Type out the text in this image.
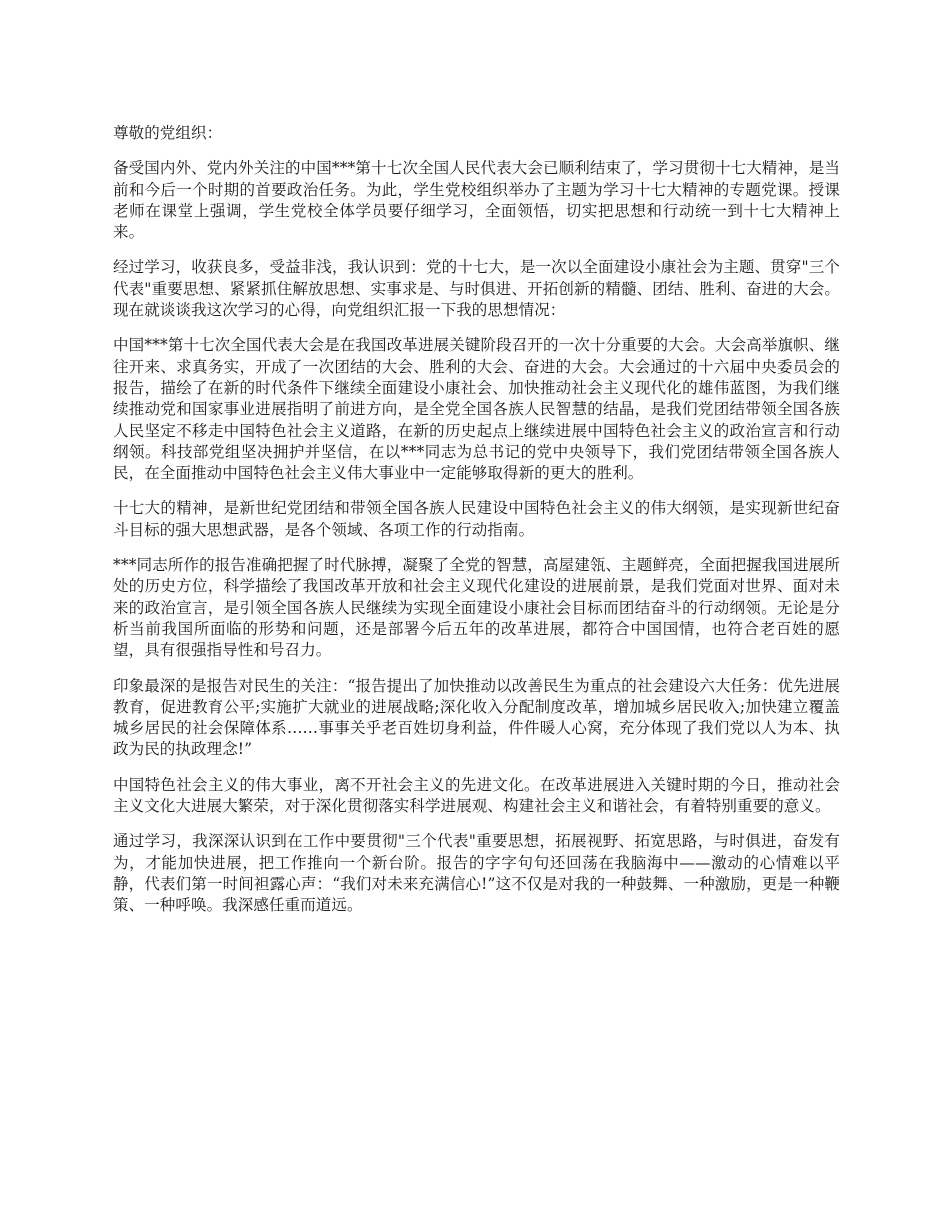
尊敬的党组织：

备受国内外、党内外关注的中国***第十七次全国人民代表大会已顺利结束了，学习贯彻十七大精神，是当前和今后一个时期的首要政治任务。为此，学生党校组织举办了主题为学习十七大精神的专题党课。授课老师在课堂上强调，学生党校全体学员要仔细学习，全面领悟，切实把思想和行动统一到十七大精神上来。

经过学习，收获良多，受益非浅，我认识到：党的十七大，是一次以全面建设小康社会为主题、贯穿"三个代表"重要思想、紧紧抓住解放思想、实事求是、与时俱进、开拓创新的精髓、团结、胜利、奋进的大会。现在就谈谈我这次学习的心得，向党组织汇报一下我的思想情况：

中国***第十七次全国代表大会是在我国改革进展关键阶段召开的一次十分重要的大会。大会高举旗帜、继往开来、求真务实，开成了一次团结的大会、胜利的大会、奋进的大会。大会通过的十六届中央委员会的报告，描绘了在新的时代条件下继续全面建设小康社会、加快推动社会主义现代化的雄伟蓝图，为我们继续推动党和国家事业进展指明了前进方向，是全党全国各族人民智慧的结晶，是我们党团结带领全国各族人民坚定不移走中国特色社会主义道路，在新的历史起点上继续进展中国特色社会主义的政治宣言和行动纲领。科技部党组坚决拥护并坚信，在以***同志为总书记的党中央领导下，我们党团结带领全国各族人民，在全面推动中国特色社会主义伟大事业中一定能够取得新的更大的胜利。

十七大的精神，是新世纪党团结和带领全国各族人民建设中国特色社会主义的伟大纲领，是实现新世纪奋斗目标的强大思想武器，是各个领域、各项工作的行动指南。

***同志所作的报告准确把握了时代脉搏，凝聚了全党的智慧，高屋建瓴、主题鲜亮，全面把握我国进展所处的历史方位，科学描绘了我国改革开放和社会主义现代化建设的进展前景，是我们党面对世界、面对未来的政治宣言，是引领全国各族人民继续为实现全面建设小康社会目标而团结奋斗的行动纲领。无论是分析当前我国所面临的形势和问题，还是部署今后五年的改革进展，都符合中国国情，也符合老百姓的愿望，具有很强指导性和号召力。

印象最深的是报告对民生的关注：“报告提出了加快推动以改善民生为重点的社会建设六大任务：优先进展教育，促进教育公平;实施扩大就业的进展战略;深化收入分配制度改革，增加城乡居民收入;加快建立覆盖城乡居民的社会保障体系……事事关乎老百姓切身利益，件件暖人心窝，充分体现了我们党以人为本、执政为民的执政理念!”

中国特色社会主义的伟大事业，离不开社会主义的先进文化。在改革进展进入关键时期的今日，推动社会主义文化大进展大繁荣，对于深化贯彻落实科学进展观、构建社会主义和谐社会，有着特别重要的意义。

通过学习，我深深认识到在工作中要贯彻"三个代表"重要思想，拓展视野、拓宽思路，与时俱进，奋发有为，才能加快进展，把工作推向一个新台阶。报告的字字句句还回荡在我脑海中——激动的心情难以平静，代表们第一时间袒露心声：“我们对未来充满信心!”这不仅是对我的一种鼓舞、一种激励，更是一种鞭策、一种呼唤。我深感任重而道远。
